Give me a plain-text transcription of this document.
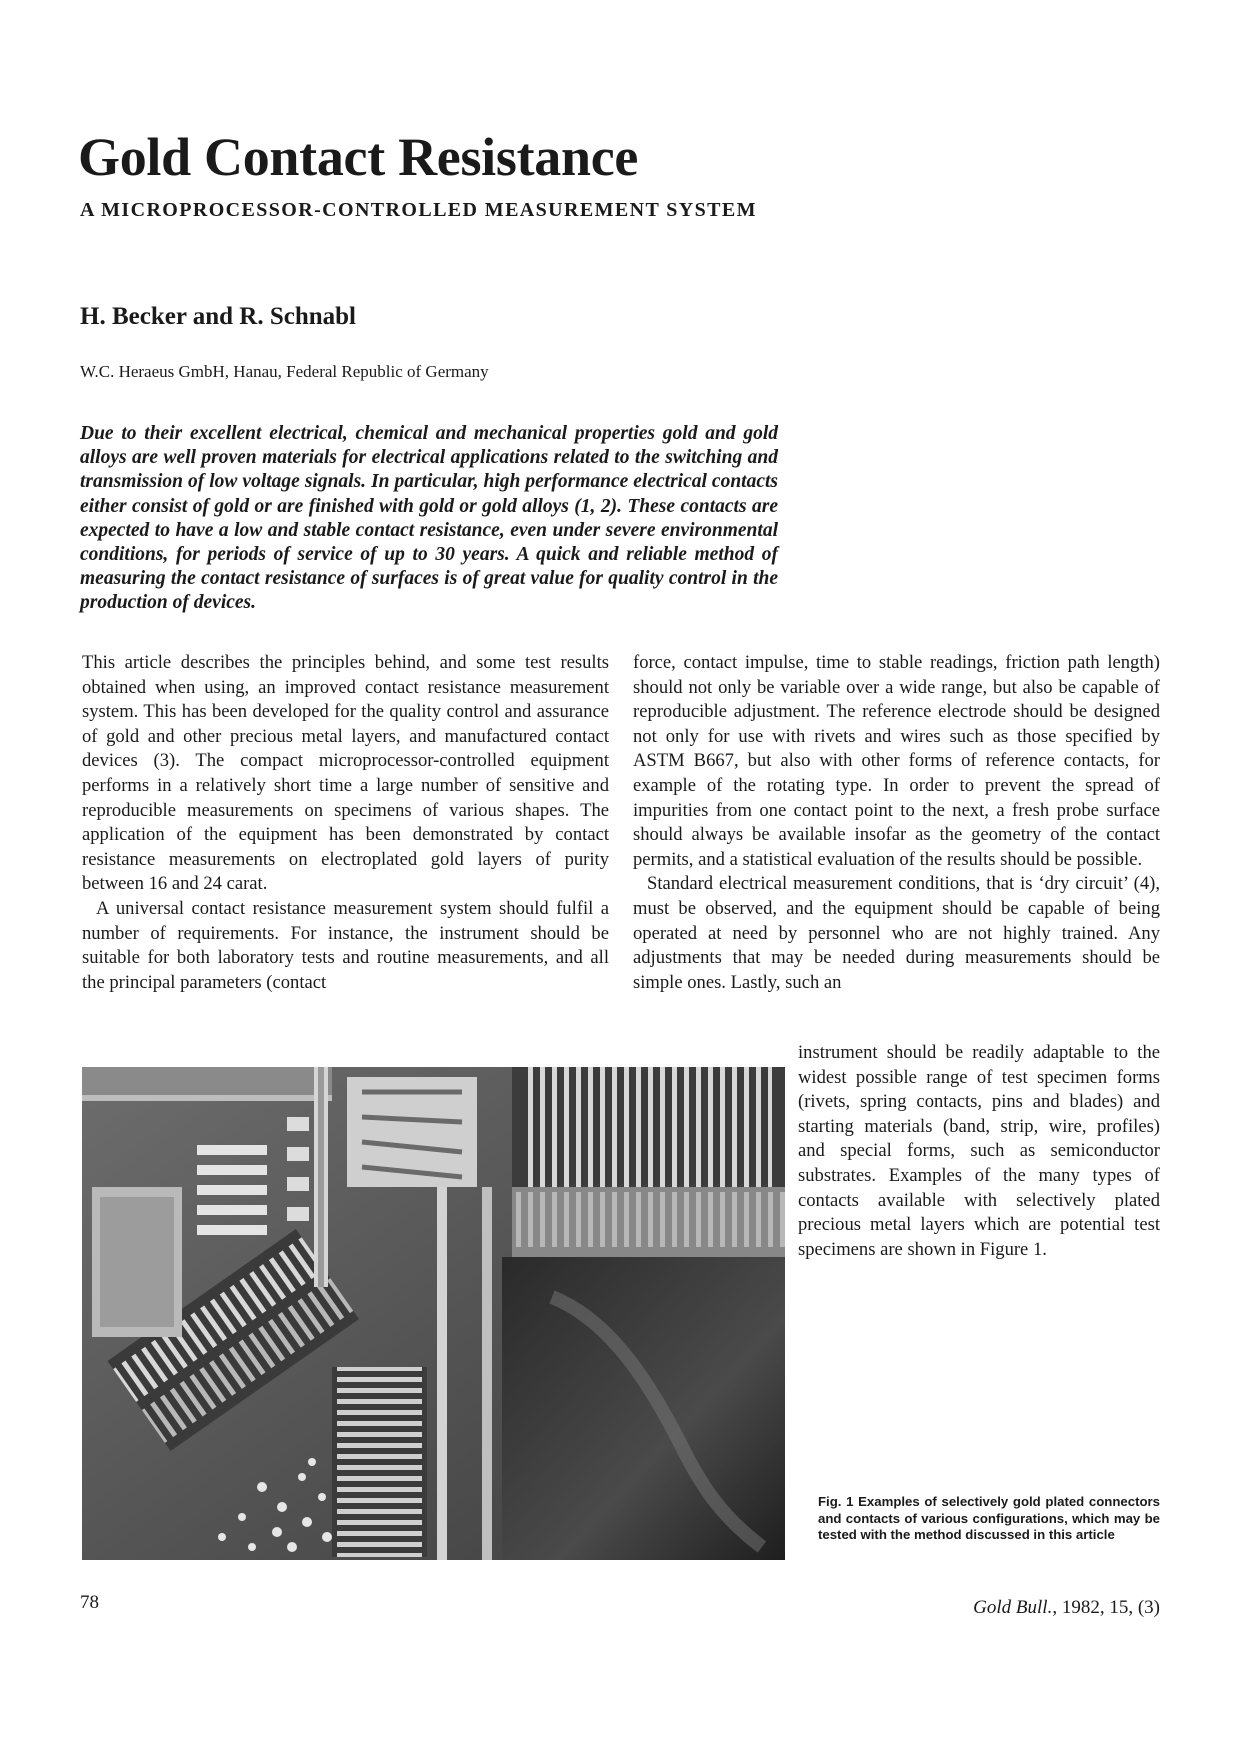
Gold Contact Resistance
A MICROPROCESSOR-CONTROLLED MEASUREMENT SYSTEM
H. Becker and R. Schnabl
W.C. Heraeus GmbH, Hanau, Federal Republic of Germany

Due to their excellent electrical, chemical and mechanical properties gold and gold alloys are well proven materials for electrical applications related to the switching and transmission of low voltage signals. In particular, high performance electrical contacts either consist of gold or are finished with gold or gold alloys (1, 2). These contacts are expected to have a low and stable contact resistance, even under severe environmental conditions, for periods of service of up to 30 years. A quick and reliable method of measuring the contact resistance of surfaces is of great value for quality control in the production of devices.

This article describes the principles behind, and some test results obtained when using, an improved contact resistance measurement system. This has been developed for the quality control and assurance of gold and other precious metal layers, and manufactured contact devices (3). The compact microprocessor-controlled equipment performs in a relatively short time a large number of sensitive and reproducible measurements on specimens of various shapes. The application of the equipment has been demonstrated by contact resistance measurements on electroplated gold layers of purity between 16 and 24 carat.

A universal contact resistance measurement system should fulfil a number of requirements. For instance, the instrument should be suitable for both laboratory tests and routine measurements, and all the principal parameters (contact

force, contact impulse, time to stable readings, friction path length) should not only be variable over a wide range, but also be capable of reproducible adjustment. The reference electrode should be designed not only for use with rivets and wires such as those specified by ASTM B667, but also with other forms of reference contacts, for example of the rotating type. In order to prevent the spread of impurities from one contact point to the next, a fresh probe surface should always be available insofar as the geometry of the contact permits, and a statistical evaluation of the results should be possible.

Standard electrical measurement conditions, that is ‘dry circuit’ (4), must be observed, and the equipment should be capable of being operated at need by personnel who are not highly trained. Any adjustments that may be needed during measurements should be simple ones. Lastly, such an

instrument should be readily adaptable to the widest possible range of test specimen forms (rivets, spring contacts, pins and blades) and starting materials (band, strip, wire, profiles) and special forms, such as semiconductor substrates. Examples of the many types of contacts available with selectively plated precious metal layers which are potential test specimens are shown in Figure 1.

Fig. 1 Examples of selectively gold plated connectors and contacts of various configurations, which may be tested with the method discussed in this article
78	Gold Bull., 1982, 15, (3)
